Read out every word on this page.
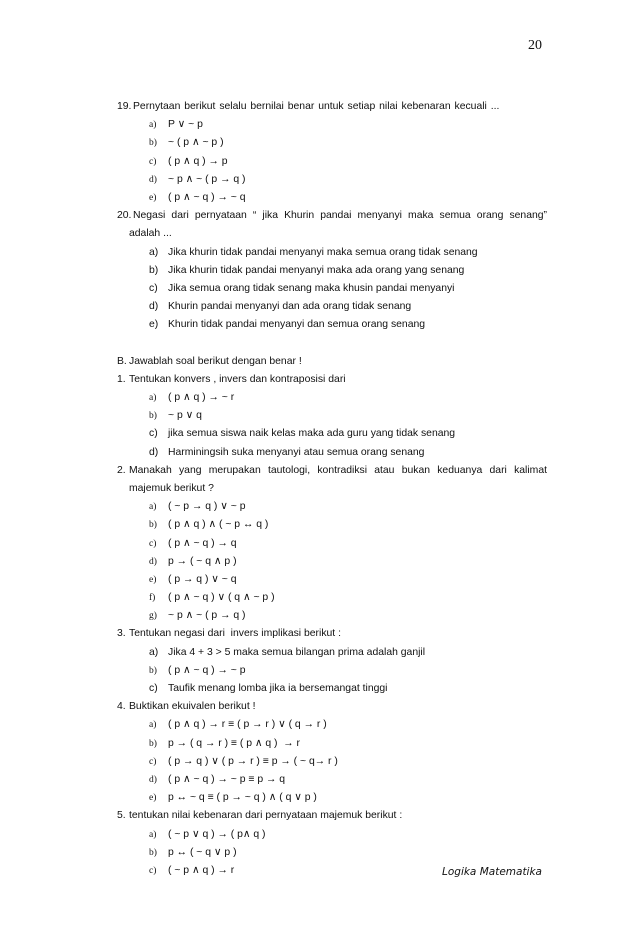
20
19. Pernytaan berikut selalu bernilai benar untuk setiap nilai kebenaran kecuali ...
a)	P ∨ ~ p
b)	~ ( p ∧ ~ p )
c)	( p ∧ q ) → p
d)	~ p ∧ ~ ( p → q )
e)	( p ∧ ~ q ) → ~ q
20. Negasi dari pernyataan “ jika Khurin pandai menyanyi maka semua orang senang”
adalah ...
a) Jika khurin tidak pandai menyanyi maka semua orang tidak senang
b) Jika khurin tidak pandai menyanyi maka ada orang yang senang
c) Jika semua orang tidak senang maka khusin pandai menyanyi
d) Khurin pandai menyanyi dan ada orang tidak senang
e) Khurin tidak pandai menyanyi dan semua orang senang
B. Jawablah soal berikut dengan benar !
1. Tentukan konvers , invers dan kontraposisi dari
a)	( p ∧ q ) → ~ r
b)	~ p ∨ q
c) jika semua siswa naik kelas maka ada guru yang tidak senang
d) Harminingsih suka menyanyi atau semua orang senang
2. Manakah yang merupakan tautologi, kontradiksi atau bukan keduanya dari kalimat
majemuk berikut ?
a)	( ~ p → q ) ∨ ~ p
b)	( p ∧ q ) ∧ ( ~ p ↔ q )
c)	( p ∧ ~ q ) → q
d)	p → ( ~ q ∧ p )
e)	( p → q ) ∨ ~ q
f)	( p ∧ ~ q ) ∨ ( q ∧ ~ p )
g)	~ p ∧ ~ ( p → q )
3. Tentukan negasi dari  invers implikasi berikut :
a) Jika 4 + 3 > 5 maka semua bilangan prima adalah ganjil
b)	( p ∧ ~ q ) → ~ p
c) Taufik menang lomba jika ia bersemangat tinggi
4. Buktikan ekuivalen berikut !
a)	( p ∧ q ) → r ≡ ( p → r ) ∨ ( q → r )
b)	p → ( q → r ) ≡ ( p ∧ q )  → r
c)	( p → q ) ∨ ( p → r ) ≡ p → ( ~ q→ r )
d)	( p ∧ ~ q ) → ~ p ≡ p → q
e)	p ↔ ~ q ≡ ( p → ~ q ) ∧ ( q ∨ p )
5. tentukan nilai kebenaran dari pernyataan majemuk berikut :
a)	( ~ p ∨ q ) → ( p∧ q )
b)	p ↔ ( ~ q ∨ p )
c)	( ~ p ∧ q ) → r	Logika Matematika
